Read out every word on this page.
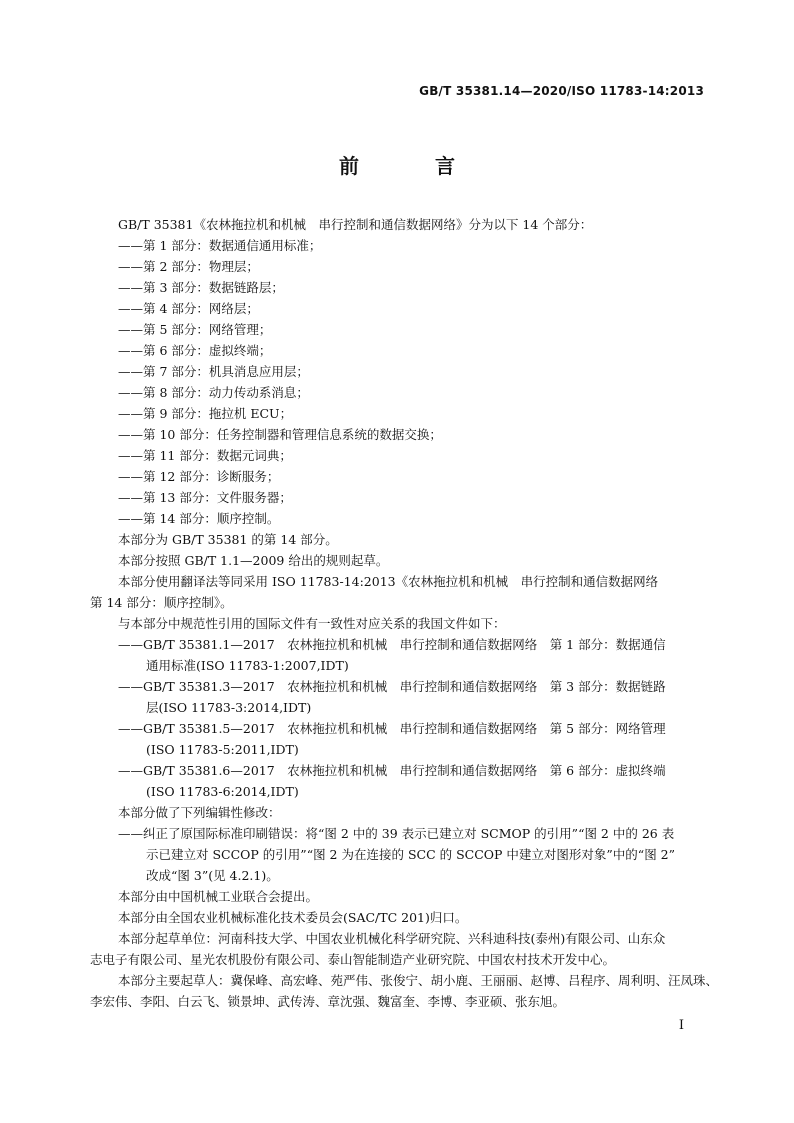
GB/T 35381.14—2020/ISO 11783-14:2013
前　言
GB/T 35381《农林拖拉机和机械　串行控制和通信数据网络》分为以下 14 个部分：
——第 1 部分：数据通信通用标准；
——第 2 部分：物理层；
——第 3 部分：数据链路层；
——第 4 部分：网络层；
——第 5 部分：网络管理；
——第 6 部分：虚拟终端；
——第 7 部分：机具消息应用层；
——第 8 部分：动力传动系消息；
——第 9 部分：拖拉机 ECU；
——第 10 部分：任务控制器和管理信息系统的数据交换；
——第 11 部分：数据元词典；
——第 12 部分：诊断服务；
——第 13 部分：文件服务器；
——第 14 部分：顺序控制。
本部分为 GB/T 35381 的第 14 部分。
本部分按照 GB/T 1.1—2009 给出的规则起草。
本部分使用翻译法等同采用 ISO 11783-14:2013《农林拖拉机和机械　串行控制和通信数据网络
第 14 部分：顺序控制》。
与本部分中规范性引用的国际文件有一致性对应关系的我国文件如下：
——GB/T 35381.1—2017　农林拖拉机和机械　串行控制和通信数据网络　第 1 部分：数据通信
通用标准(ISO 11783-1:2007,IDT)
——GB/T 35381.3—2017　农林拖拉机和机械　串行控制和通信数据网络　第 3 部分：数据链路
层(ISO 11783-3:2014,IDT)
——GB/T 35381.5—2017　农林拖拉机和机械　串行控制和通信数据网络　第 5 部分：网络管理
(ISO 11783-5:2011,IDT)
——GB/T 35381.6—2017　农林拖拉机和机械　串行控制和通信数据网络　第 6 部分：虚拟终端
(ISO 11783-6:2014,IDT)
本部分做了下列编辑性修改：
——纠正了原国际标准印刷错误：将“图 2 中的 39 表示已建立对 SCMOP 的引用”“图 2 中的 26 表
示已建立对 SCCOP 的引用”“图 2 为在连接的 SCC 的 SCCOP 中建立对图形对象”中的“图 2”
改成“图 3”(见 4.2.1)。
本部分由中国机械工业联合会提出。
本部分由全国农业机械标准化技术委员会(SAC/TC 201)归口。
本部分起草单位：河南科技大学、中国农业机械化科学研究院、兴科迪科技(泰州)有限公司、山东众
志电子有限公司、星光农机股份有限公司、泰山智能制造产业研究院、中国农村技术开发中心。
本部分主要起草人：冀保峰、高宏峰、苑严伟、张俊宁、胡小鹿、王丽丽、赵博、吕程序、周利明、汪凤珠、
李宏伟、李阳、白云飞、锁景坤、武传涛、章沈强、魏富奎、李博、李亚硕、张东旭。
I
